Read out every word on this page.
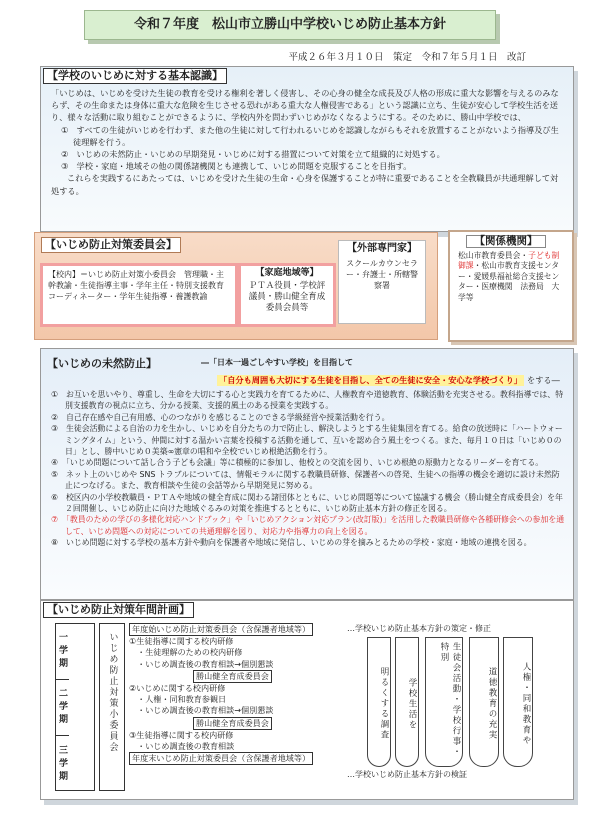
令和７年度　松山市立勝山中学校いじめ防止基本方針
平成２６年３月１０日　策定　令和７年５月１日　改訂
【学校のいじめに対する基本認識】

「いじめは、いじめを受けた生徒の教育を受ける権利を著しく侵害し、その心身の健全な成長及び人格の形成に重大な影響を与えるのみならず、その生命または身体に重大な危険を生じさせる恐れがある重大な人権侵害である」という認識に立ち、生徒が安心して学校生活を送り、様々な活動に取り組むことができるように、学校内外を問わずいじめがなくなるようにする。そのために、勝山中学校では、

①　すべての生徒がいじめを行わず、また他の生徒に対して行われるいじめを認識しながらもそれを放置することがないよう指導及び生徒理解を行う。

②　いじめの未然防止・いじめの早期発見・いじめに対する措置について対策を立て組織的に対処する。

③　学校・家庭・地域その他の関係諸機関とも連携して、いじめ問題を克服することを目指す。

これらを実践するにあたっては、いじめを受けた生徒の生命・心身を保護することが特に重要であることを全教職員が共通理解して対処する。

【いじめ防止対策委員会】
【校内】＝いじめ防止対策小委員会　管理職・主幹教諭・生徒指導主事・学年主任・特別支援教育コーディネーター・学年生徒指導・養護教諭
【家庭地域等】
ＰＴＡ役員・学校評議員・勝山健全育成委員会員等
【外部専門家】
スクールカウンセラー・弁護士・所轄警察署
【関係機関】
松山市教育委員会・子ども制御課・松山市教育支援センター・愛媛県福祉総合支援センター・医療機関　法務局　大学等
【いじめの未然防止】	―「日本一過ごしやすい学校」を目指して
「自分も周囲も大切にする生徒を目指し、全ての生徒に安全・安心な学校づくり」 をする―
①　お互いを思いやり、尊重し、生命を大切にする心と実践力を育てるために、人権教育や道徳教育、体験活動を充実させる。教科指導では、特別支援教育の視点に立ち、分かる授業、支援的風土のある授業を実践する。
②　自己存在感や自己有用感、心のつながりを感じることのできる学級経営や授業活動を行う。
③　生徒会活動による自治の力を生かし、いじめを自分たちの力で防止し、解決しようとする生徒集団を育てる。給食の放送時に「ハートウォーミングタイム」という、仲間に対する温かい言葉を投稿する活動を通して、互いを認め合う風土をつくる。また、毎月１０日は「いじめ０の日」とし、勝中いじめ０美築∞憲章の唱和や全校でいじめ根絶活動を行う。
④　「いじめ問題について話し合う子ども会議」等に積極的に参加し、他校との交流を図り、いじめ根絶の原動力となるリーダーを育てる。
⑤　ネット上のいじめや SNS トラブルについては、情報モラルに関する教職員研修、保護者への啓発、生徒への指導の機会を適切に設け未然防止につなげる。また、教育相談や生徒の会話等から早期発見に努める。
⑥　校区内の小学校教職員・ＰＴＡや地域の健全育成に関わる諸団体とともに、いじめ問題等について協議する機会（勝山健全育成委員会）を年２回開催し、いじめ防止に向けた地域ぐるみの対策を推進するとともに、いじめ防止基本方針の修正を図る。
⑦　「教員のための学びの多様化対応ハンドブック」や「いじめアクション対応プラン(改訂版)」を活用した教職員研修や各種研修会への参加を通して、いじめ問題への対応についての共通理解を図り、対応力や指導力の向上を図る。
⑧　いじめ問題に対する学校の基本方針や動向を保護者や地域に発信し、いじめの芽を摘みとるための学校・家庭・地域の連携を図る。
【いじめ防止対策年間計画】
一学期
二学期
三学期
いじめ防止対策小委員会
年度始いじめ防止対策委員会（含保護者地域等）
①生徒指導に関する校内研修
　・生徒理解のための校内研修
　・いじめ調査後の教育相談→個別懇談
勝山健全育成委員会
②いじめに関する校内研修
　・人権・同和教育参観日
　・いじめ調査後の教育相談→個別懇談
勝山健全育成委員会
③生徒指導に関する校内研修
　・いじめ調査後の教育相談
年度末いじめ防止対策委員会（含保護者地域等）
…学校いじめ防止基本方針の策定・修正
…学校いじめ防止基本方針の検証
明るくする調査	学校生活を	生徒会活動・学校行事・特別
道徳教育の充実	人権・同和教育や
